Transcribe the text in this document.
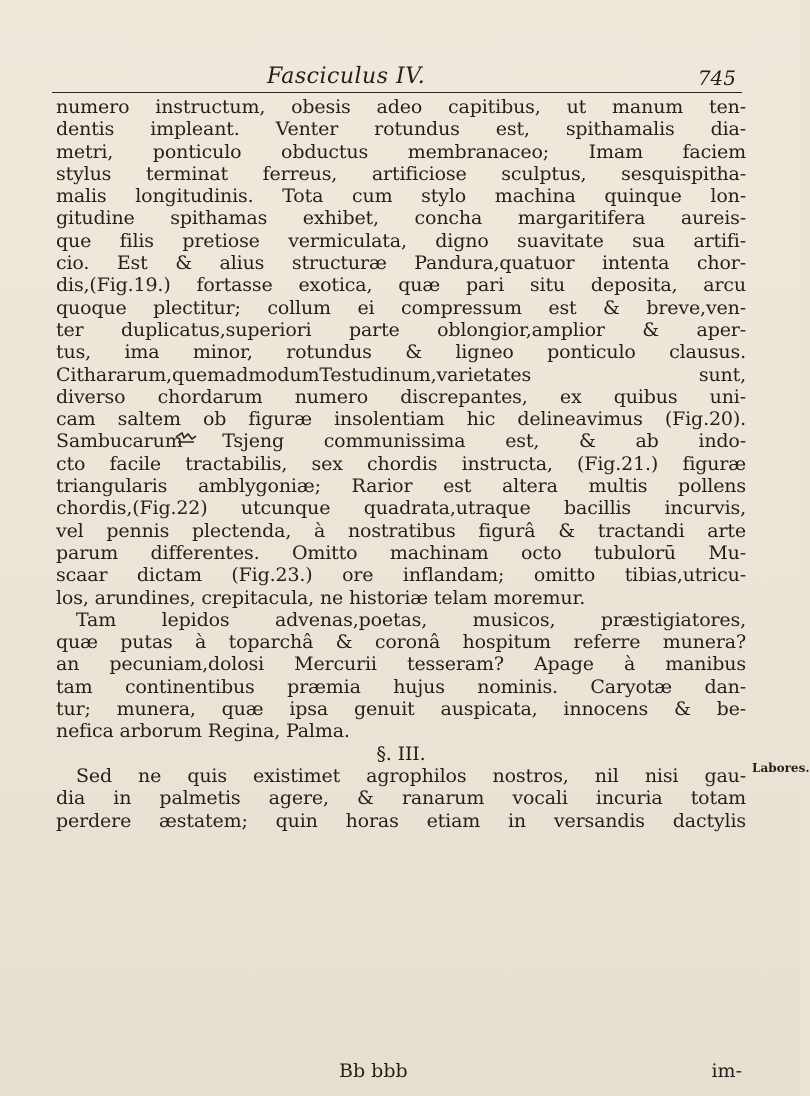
Fasciculus IV.	745
numero instructum, obesis adeo capitibus, ut manum ten-
dentis impleant. Venter rotundus est, spithamalis dia-
metri, ponticulo obductus membranaceo; Imam faciem
stylus terminat ferreus, artificiose sculptus, sesquispitha-
malis longitudinis. Tota cum stylo machina quinque lon-
gitudine spithamas exhibet, concha margaritifera aureis-
que filis pretiose vermiculata, digno suavitate sua artifi-
cio. Est & alius structuræ Pandura,quatuor intenta chor-
dis,(Fig.19.) fortasse exotica, quæ pari situ deposita, arcu
quoque plectitur; collum ei compressum est & breve,ven-
ter duplicatus,superiori parte oblongior,amplior & aper-
tus, ima minor, rotundus & ligneo ponticulo clausus.
Cithararum,quemadmodumTestudinum,varietates sunt,
diverso chordarum numero discrepantes, ex quibus uni-
cam saltem ob figuræ insolentiam hic delineavimus (Fig.20).
Sambucarum Tsjeng communissima est, & ab indo-
cto facile tractabilis, sex chordis instructa, (Fig.21.) figuræ
triangularis amblygoniæ; Rarior est altera multis pollens
chordis,(Fig.22) utcunque quadrata,utraque bacillis incurvis,
vel pennis plectenda, à nostratibus figurâ & tractandi arte
parum differentes. Omitto machinam octo tubulorū Mu-
scaar dictam (Fig.23.) ore inflandam; omitto tibias,utricu-
los, arundines, crepitacula, ne historiæ telam moremur.
Tam lepidos advenas,poetas, musicos, præstigiatores,
quæ putas à toparchâ & coronâ hospitum referre munera?
an pecuniam,dolosi Mercurii tesseram? Apage à manibus
tam continentibus præmia hujus nominis. Caryotæ dan-
tur; munera, quæ ipsa genuit auspicata, innocens & be-
nefica arborum Regina, Palma.
§. III.
Sed ne quis existimet agrophilos nostros, nil nisi gau-
dia in palmetis agere, & ranarum vocali incuria totam
perdere æstatem; quin horas etiam in versandis dactylis
Labores.
Bb bbb	im-
